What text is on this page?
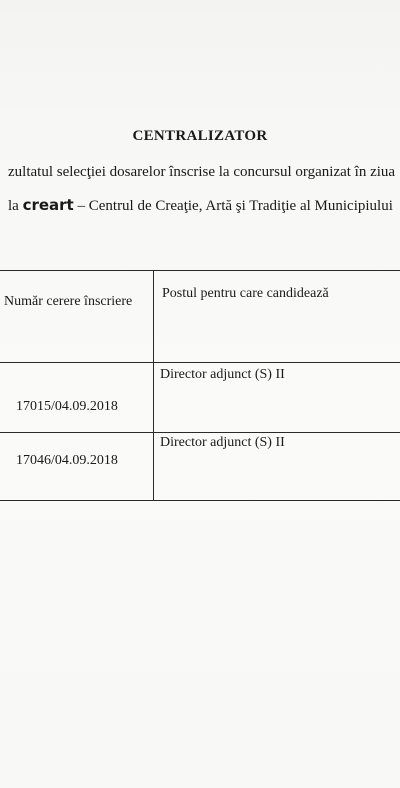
CENTRALIZATOR
zultatul selecţiei dosarelor înscrise la concursul organizat în ziua
la creart – Centrul de Creaţie, Artă şi Tradiţie al Municipiului
Număr cerere înscriere
Postul pentru care candidează
17015/04.09.2018
Director adjunct (S) II
17046/04.09.2018
Director adjunct (S) II
